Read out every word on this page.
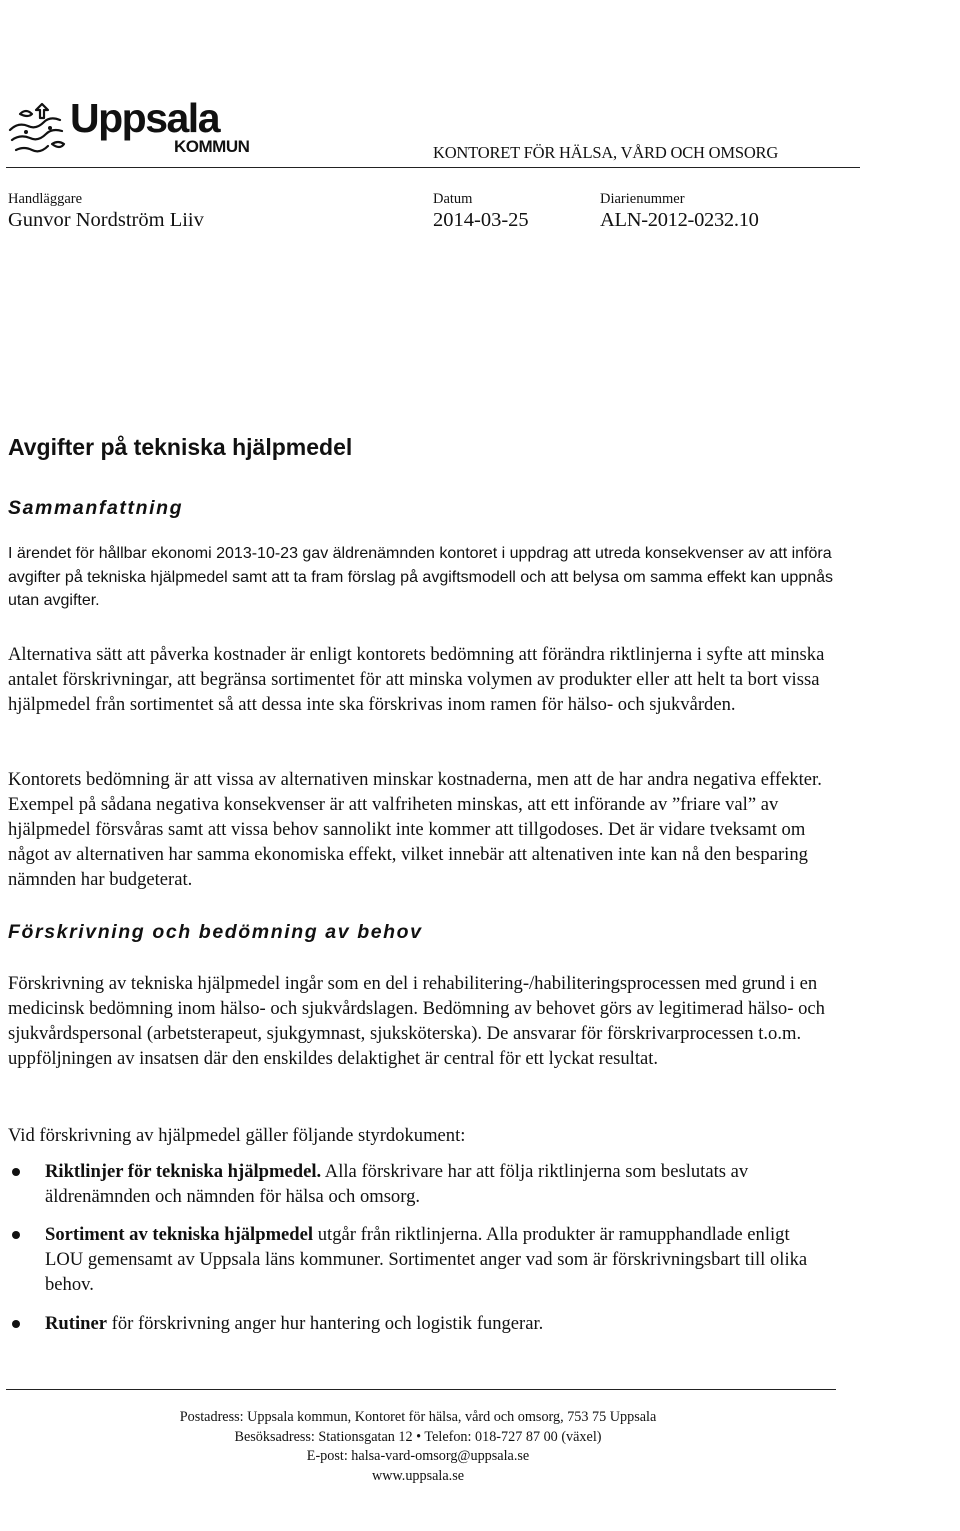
Uppsala
KOMMUN	KONTORET FÖR HÄLSA, VÅRD OCH OMSORG
Handläggare
Gunvor Nordström Liiv
Datum
2014-03-25
Diarienummer
ALN-2012-0232.10
Avgifter på tekniska hjälpmedel
Sammanfattning

I ärendet för hållbar ekonomi 2013-10-23 gav äldrenämnden kontoret i uppdrag att utreda konsekvenser av att införa avgifter på tekniska hjälpmedel samt att ta fram förslag på avgiftsmodell och att belysa om samma effekt kan uppnås utan avgifter.

Alternativa sätt att påverka kostnader är enligt kontorets bedömning att förändra riktlinjerna i syfte att minska antalet förskrivningar, att begränsa sortimentet för att minska volymen av produkter eller att helt ta bort vissa hjälpmedel från sortimentet så att dessa inte ska förskrivas inom ramen för hälso- och sjukvården.

Kontorets bedömning är att vissa av alternativen minskar kostnaderna, men att de har andra negativa effekter. Exempel på sådana negativa konsekvenser är att valfriheten minskas, att ett införande av ”friare val” av hjälpmedel försvåras samt att vissa behov sannolikt inte kommer att tillgodoses. Det är vidare tveksamt om något av alternativen har samma ekonomiska effekt, vilket innebär att altenativen inte kan nå den besparing nämnden har budgeterat.

Förskrivning och bedömning av behov

Förskrivning av tekniska hjälpmedel ingår som en del i rehabilitering-/habiliteringsprocessen med grund i en medicinsk bedömning inom hälso- och sjukvårdslagen. Bedömning av behovet görs av legitimerad hälso- och sjukvårdspersonal (arbetsterapeut, sjukgymnast, sjuksköterska). De ansvarar för förskrivarprocessen t.o.m. uppföljningen av insatsen där den enskildes delaktighet är central för ett lyckat resultat.

Vid förskrivning av hjälpmedel gäller följande styrdokument:

Riktlinjer för tekniska hjälpmedel. Alla förskrivare har att följa riktlinjerna som beslutats av äldrenämnden och nämnden för hälsa och omsorg.

Sortiment av tekniska hjälpmedel utgår från riktlinjerna. Alla produkter är ramupphandlade enligt LOU gemensamt av Uppsala läns kommuner. Sortimentet anger vad som är förskrivningsbart till olika behov.

Rutiner för förskrivning anger hur hantering och logistik fungerar.

Postadress: Uppsala kommun, Kontoret för hälsa, vård och omsorg, 753 75 Uppsala
Besöksadress: Stationsgatan 12 • Telefon: 018-727 87 00 (växel)
E-post: halsa-vard-omsorg@uppsala.se
www.uppsala.se
